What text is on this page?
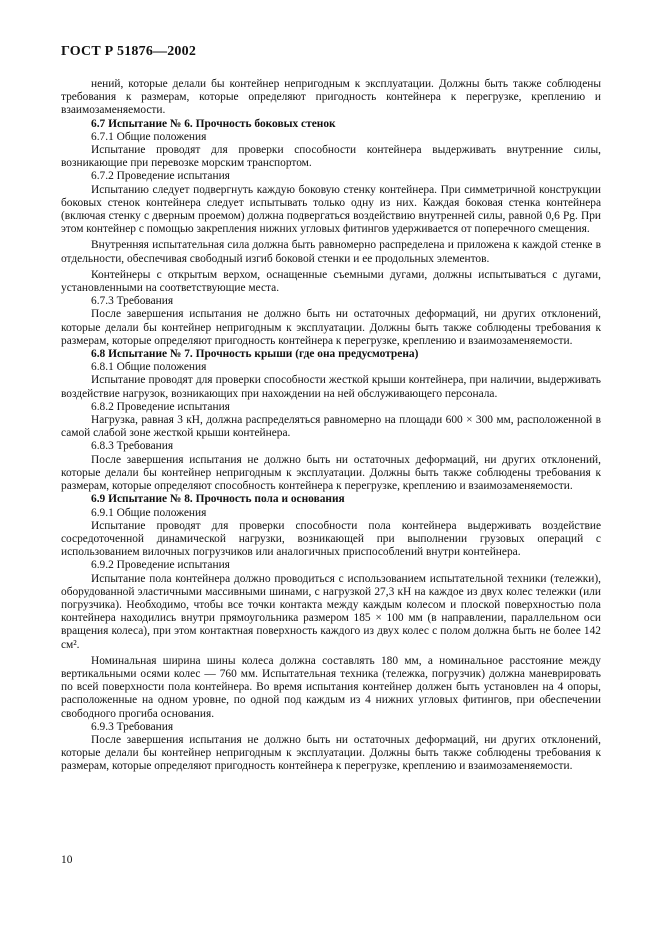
ГОСТ Р 51876—2002

нений, которые делали бы контейнер непригодным к эксплуатации. Должны быть также соблюдены требования к размерам, которые определяют пригодность контейнера к перегрузке, креплению и взаимозаменяемости.

6.7 Испытание № 6. Прочность боковых стенок

6.7.1 Общие положения

Испытание проводят для проверки способности контейнера выдерживать внутренние силы, возникающие при перевозке морским транспортом.

6.7.2 Проведение испытания

Испытанию следует подвергнуть каждую боковую стенку контейнера. При симметричной конструкции боковых стенок контейнера следует испытывать только одну из них. Каждая боковая стенка контейнера (включая стенку с дверным проемом) должна подвергаться воздействию внутренней силы, равной 0,6 Pg. При этом контейнер с помощью закрепления нижних угловых фитингов удерживается от поперечного смещения.

Внутренняя испытательная сила должна быть равномерно распределена и приложена к каждой стенке в отдельности, обеспечивая свободный изгиб боковой стенки и ее продольных элементов.

Контейнеры с открытым верхом, оснащенные съемными дугами, должны испытываться с дугами, установленными на соответствующие места.

6.7.3 Требования

После завершения испытания не должно быть ни остаточных деформаций, ни других отклонений, которые делали бы контейнер непригодным к эксплуатации. Должны быть также соблюдены требования к размерам, которые определяют пригодность контейнера к перегрузке, креплению и взаимозаменяемости.

6.8 Испытание № 7. Прочность крыши (где она предусмотрена)

6.8.1 Общие положения

Испытание проводят для проверки способности жесткой крыши контейнера, при наличии, выдерживать воздействие нагрузок, возникающих при нахождении на ней обслуживающего персонала.

6.8.2 Проведение испытания

Нагрузка, равная 3 кН, должна распределяться равномерно на площади 600 × 300 мм, расположенной в самой слабой зоне жесткой крыши контейнера.

6.8.3 Требования

После завершения испытания не должно быть ни остаточных деформаций, ни других отклонений, которые делали бы контейнер непригодным к эксплуатации. Должны быть также соблюдены требования к размерам, которые определяют способность контейнера к перегрузке, креплению и взаимозаменяемости.

6.9 Испытание № 8. Прочность пола и основания

6.9.1 Общие положения

Испытание проводят для проверки способности пола контейнера выдерживать воздействие сосредоточенной динамической нагрузки, возникающей при выполнении грузовых операций с использованием вилочных погрузчиков или аналогичных приспособлений внутри контейнера.

6.9.2 Проведение испытания

Испытание пола контейнера должно проводиться с использованием испытательной техники (тележки), оборудованной эластичными массивными шинами, с нагрузкой 27,3 кН на каждое из двух колес тележки (или погрузчика). Необходимо, чтобы все точки контакта между каждым колесом и плоской поверхностью пола контейнера находились внутри прямоугольника размером 185 × 100 мм (в направлении, параллельном оси вращения колеса), при этом контактная поверхность каждого из двух колес с полом должна быть не более 142 см².

Номинальная ширина шины колеса должна составлять 180 мм, а номинальное расстояние между вертикальными осями колес — 760 мм. Испытательная техника (тележка, погрузчик) должна маневрировать по всей поверхности пола контейнера. Во время испытания контейнер должен быть установлен на 4 опоры, расположенные на одном уровне, по одной под каждым из 4 нижних угловых фитингов, при обеспечении свободного прогиба основания.

6.9.3 Требования

После завершения испытания не должно быть ни остаточных деформаций, ни других отклонений, которые делали бы контейнер непригодным к эксплуатации. Должны быть также соблюдены требования к размерам, которые определяют пригодность контейнера к перегрузке, креплению и взаимозаменяемости.

10
